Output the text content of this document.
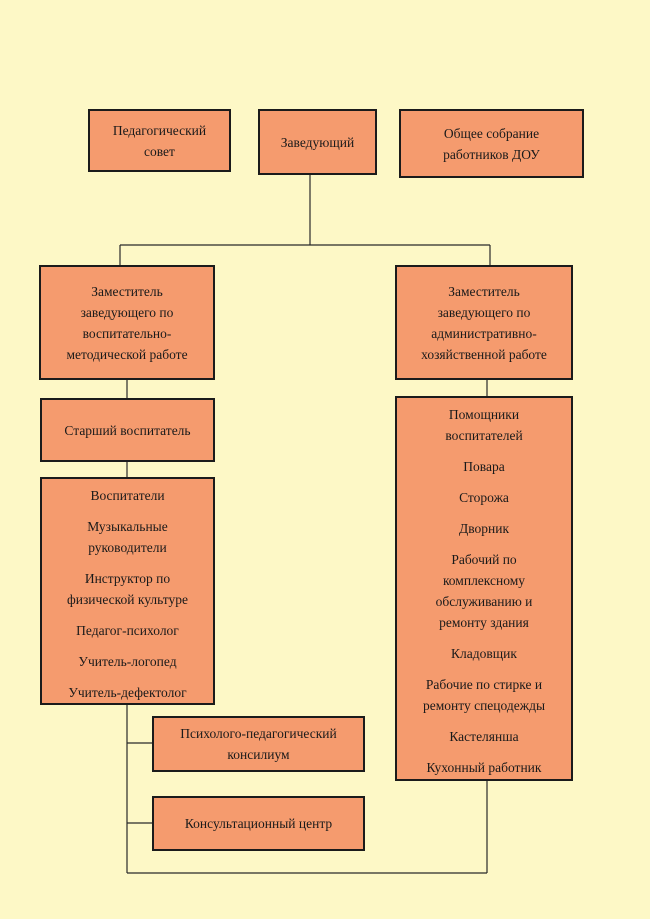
Педагогический
совет
Заведующий
Общее собрание
работников ДОУ
Заместитель
заведующего по
воспитательно-
методической работе
Заместитель
заведующего по
административно-
хозяйственной работе
Старший воспитатель
Воспитатели
Музыкальные
руководители
Инструктор по
физической культуре
Педагог-психолог
Учитель-логопед
Учитель-дефектолог
Помощники
воспитателей
Повара
Сторожа
Дворник
Рабочий по
комплексному
обслуживанию и
ремонту здания
Кладовщик
Рабочие по стирке и
ремонту спецодежды
Кастелянша
Кухонный работник
Психолого-педагогический
консилиум
Консультационный центр
